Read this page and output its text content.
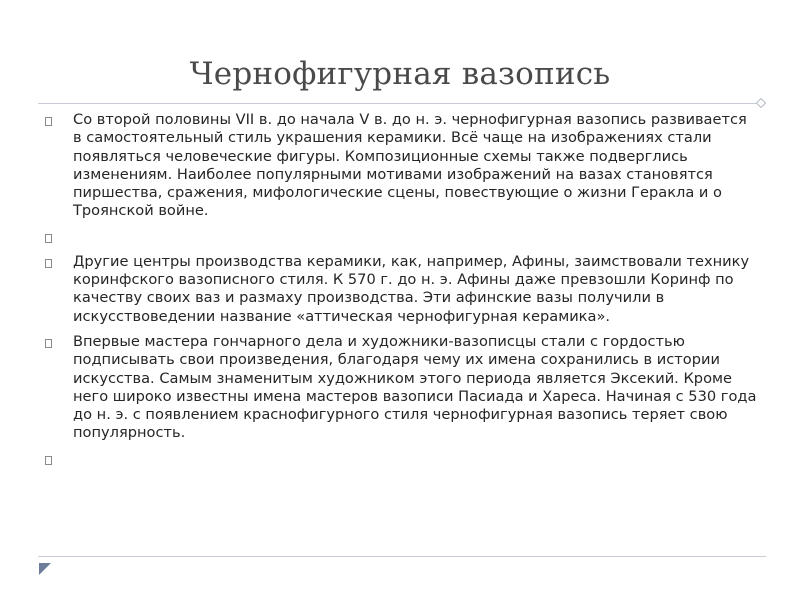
Чернофигурная вазопись
Со второй половины VII в. до начала V в. до н. э. чернофигурная вазопись развивается в самостоятельный стиль украшения керамики. Всё чаще на изображениях стали появляться человеческие фигуры. Композиционные схемы также подверглись изменениям. Наиболее популярными мотивами изображений на вазах становятся пиршества, сражения, мифологические сцены, повествующие о жизни Геракла и о Троянской войне.
Другие центры производства керамики, как, например, Афины, заимствовали технику коринфского вазописного стиля. К 570 г. до н. э. Афины даже превзошли Коринф по качеству своих ваз и размаху производства. Эти афинские вазы получили в искусствоведении название «аттическая чернофигурная керамика».
Впервые мастера гончарного дела и художники-вазописцы стали с гордостью подписывать свои произведения, благодаря чему их имена сохранились в истории искусства. Самым знаменитым художником этого периода является Эксекий. Кроме него широко известны имена мастеров вазописи Пасиада и Хареса. Начиная с 530 года до н. э. с появлением краснофигурного стиля чернофигурная вазопись теряет свою популярность.
